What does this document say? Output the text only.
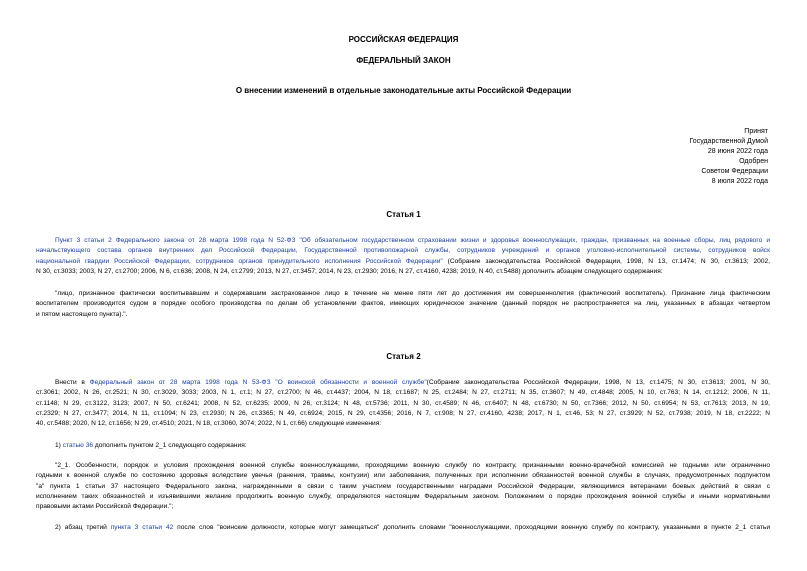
РОССИЙСКАЯ ФЕДЕРАЦИЯ
ФЕДЕРАЛЬНЫЙ ЗАКОН
О внесении изменений в отдельные законодательные акты Российской Федерации
Принят
Государственной Думой
28 июня 2022 года
Одобрен
Советом Федерации
8 июля 2022 года
Статья 1
Пункт 3 статьи 2 Федерального закона от 28 марта 1998 года N 52-ФЗ "Об обязательном государственном страховании жизни и здоровья военнослужащих, граждан, призванных на военные сборы, лиц рядового и
начальствующего состава органов внутренних дел Российской Федерации, Государственной противопожарной службы, сотрудников учреждений и органов уголовно-исполнительной системы, сотрудников войск
национальной гвардии Российской Федерации, сотрудников органов принудительного исполнения Российской Федерации" (Собрание законодательства Российской Федерации, 1998, N 13, ст.1474; N 30, ст.3613; 2002,
N 30, ст.3033; 2003, N 27, ст.2700; 2006, N 6, ст.636; 2008, N 24, ст.2799; 2013, N 27, ст.3457; 2014, N 23, ст.2930; 2016, N 27, ст.4160, 4238; 2019, N 40, ст.5488) дополнить абзацем следующего содержания:
"лицо, признанное фактически воспитывавшим и содержавшим застрахованное лицо в течение не менее пяти лет до достижения им совершеннолетия (фактический воспитатель). Признание лица фактическим
воспитателем производится судом в порядке особого производства по делам об установлении фактов, имеющих юридическое значение (данный порядок не распространяется на лиц, указанных в абзацах четвертом
и пятом настоящего пункта).".
Статья 2
Внести в Федеральный закон от 28 марта 1998 года N 53-ФЗ "О воинской обязанности и военной службе"(Собрание законодательства Российской Федерации, 1998, N 13, ст.1475; N 30, ст.3613; 2001, N 30,
ст.3061; 2002, N 26, ст.2521; N 30, ст.3029, 3033; 2003, N 1, ст.1; N 27, ст.2700; N 46, ст.4437; 2004, N 18, ст.1687; N 25, ст.2484; N 27, ст.2711; N 35, ст.3607; N 49, ст.4848; 2005, N 10, ст.763; N 14, ст.1212; 2006, N 11,
ст.1148; N 29, ст.3122, 3123; 2007, N 50, ст.6241; 2008, N 52, ст.6235; 2009, N 26, ст.3124; N 48, ст.5736; 2011, N 30, ст.4589; N 46, ст.6407; N 48, ст.6730; N 50, ст.7366; 2012, N 50, ст.6954; N 53, ст.7613; 2013, N 19,
ст.2329; N 27, ст.3477; 2014, N 11, ст.1094; N 23, ст.2930; N 26, ст.3365; N 49, ст.6924; 2015, N 29, ст.4356; 2016, N 7, ст.908; N 27, ст.4160, 4238; 2017, N 1, ст.46, 53; N 27, ст.3929; N 52, ст.7938; 2019, N 18, ст.2222; N
40, ст.5488; 2020, N 12, ст.1656; N 29, ст.4510; 2021, N 18, ст.3060, 3074; 2022, N 1, ст.66) следующие изменения:
1) статью 36 дополнить пунктом 2_1 следующего содержания:
"2_1. Особенности, порядок и условия прохождения военной службы военнослужащими, проходящими военную службу по контракту, признанными военно-врачебной комиссией не годными или ограниченно
годными к военной службе по состоянию здоровья вследствие увечья (ранения, травмы, контузии) или заболевания, полученных при исполнении обязанностей военной службы в случаях, предусмотренных подпунктом
"а" пункта 1 статьи 37 настоящего Федерального закона, награжденными в связи с таким участием государственными наградами Российской Федерации, являющимися ветеранами боевых действий в связи с
исполнением таких обязанностей и изъявившими желание продолжить военную службу, определяются настоящим Федеральным законом. Положением о порядке прохождения военной службы и иными нормативными
правовыми актами Российской Федерации.";
2) абзац третий пункта 3 статьи 42 после слов "воинские должности, которые могут замещаться" дополнить словами "военнослужащими, проходящими военную службу по контракту, указанными в пункте 2_1 статьи
